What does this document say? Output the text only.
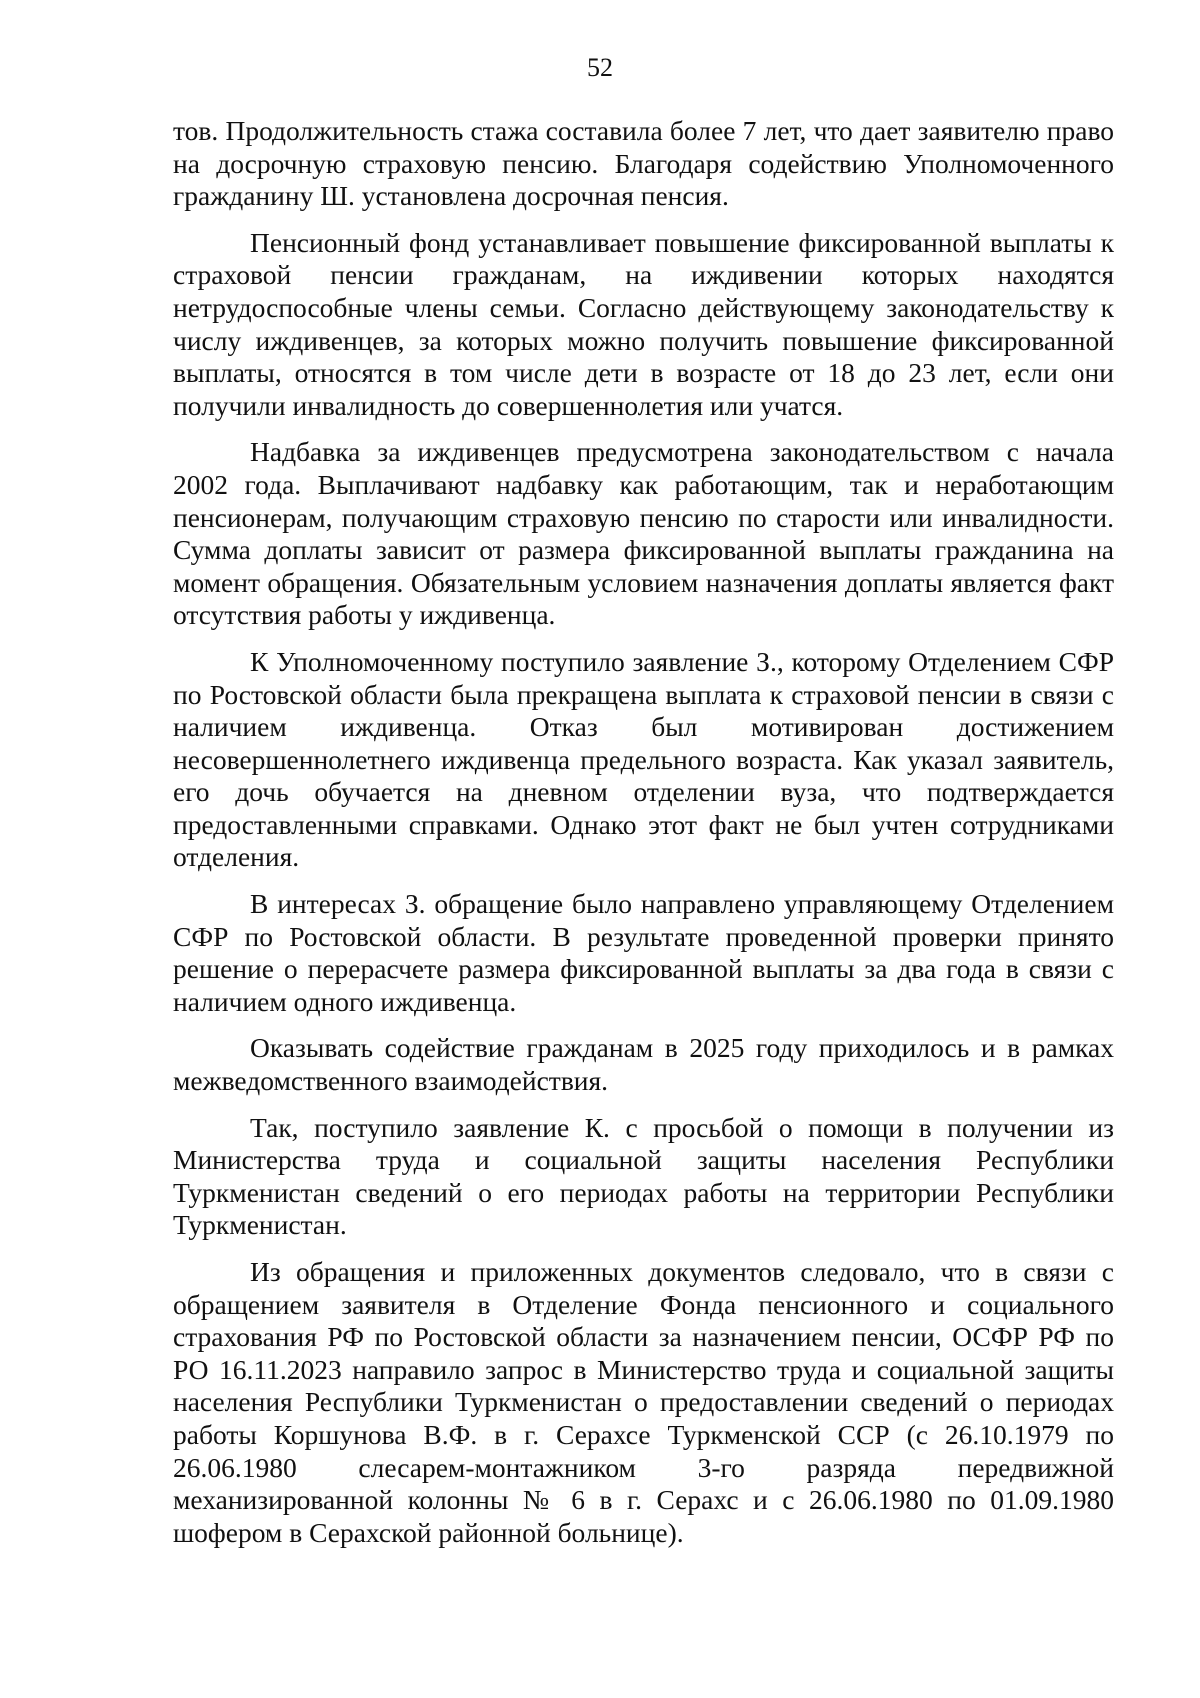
52

тов. Продолжительность стажа составила более 7 лет, что дает заявителю право на досрочную страховую пенсию. Благодаря содействию Уполномоченного гражданину Ш. установлена досрочная пенсия.

Пенсионный фонд устанавливает повышение фиксированной выплаты к страховой пенсии гражданам, на иждивении которых находятся нетрудоспособные члены семьи. Согласно действующему законодательству к числу иждивенцев, за которых можно получить повышение фиксированной выплаты, относятся в том числе дети в возрасте от 18 до 23 лет, если они получили инвалидность до совершеннолетия или учатся.

Надбавка за иждивенцев предусмотрена законодательством с начала 2002 года. Выплачивают надбавку как работающим, так и неработающим пенсионерам, получающим страховую пенсию по старости или инвалидности. Сумма доплаты зависит от размера фиксированной выплаты гражданина на момент обращения. Обязательным условием назначения доплаты является факт отсутствия работы у иждивенца.

К Уполномоченному поступило заявление З., которому Отделением СФР по Ростовской области была прекращена выплата к страховой пенсии в связи с наличием иждивенца. Отказ был мотивирован достижением несовершеннолетнего иждивенца предельного возраста. Как указал заявитель, его дочь обучается на дневном отделении вуза, что подтверждается предоставленными справками. Однако этот факт не был учтен сотрудниками отделения.

В интересах З. обращение было направлено управляющему Отделением СФР по Ростовской области. В результате проведенной проверки принято решение о перерасчете размера фиксированной выплаты за два года в связи с наличием одного иждивенца.

Оказывать содействие гражданам в 2025 году приходилось и в рамках межведомственного взаимодействия.

Так, поступило заявление К. с просьбой о помощи в получении из Министерства труда и социальной защиты населения Республики Туркменистан сведений о его периодах работы на территории Республики Туркменистан.

Из обращения и приложенных документов следовало, что в связи с обращением заявителя в Отделение Фонда пенсионного и социального страхования РФ по Ростовской области за назначением пенсии, ОСФР РФ по РО 16.11.2023 направило запрос в Министерство труда и социальной защиты населения Республики Туркменистан о предоставлении сведений о периодах работы Коршунова В.Ф. в г. Серахсе Туркменской ССР (с 26.10.1979 по 26.06.1980 слесарем-монтажником 3-го разряда передвижной механизированной колонны № 6 в г. Серахс и с 26.06.1980 по 01.09.1980 шофером в Серахской районной больнице).
